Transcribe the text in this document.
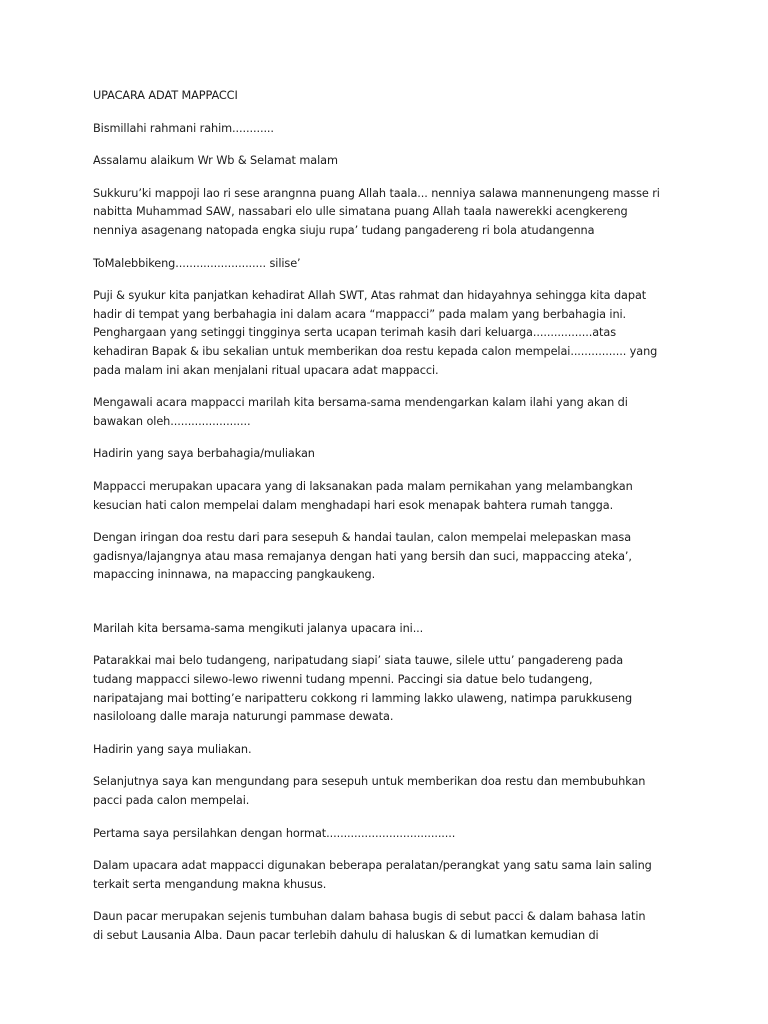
UPACARA ADAT MAPPACCI

Bismillahi rahmani rahim............

Assalamu alaikum Wr Wb & Selamat malam

Sukkuru’ki mappoji lao ri sese arangnna puang Allah taala... nenniya salawa mannenungeng masse ri
nabitta Muhammad SAW, nassabari elo ulle simatana puang Allah taala nawerekki acengkereng
nenniya asagenang natopada engka siuju rupa’ tudang pangadereng ri bola atudangenna

ToMalebbikeng.......................... silise’

Puji & syukur kita panjatkan kehadirat Allah SWT, Atas rahmat dan hidayahnya sehingga kita dapat
hadir di tempat yang berbahagia ini dalam acara “mappacci” pada malam yang berbahagia ini.
Penghargaan yang setinggi tingginya serta ucapan terimah kasih dari keluarga.................atas
kehadiran Bapak & ibu sekalian untuk memberikan doa restu kepada calon mempelai................ yang
pada malam ini akan menjalani ritual upacara adat mappacci.

Mengawali acara mappacci marilah kita bersama-sama mendengarkan kalam ilahi yang akan di
bawakan oleh.......................

Hadirin yang saya berbahagia/muliakan

Mappacci merupakan upacara yang di laksanakan pada malam pernikahan yang melambangkan
kesucian hati calon mempelai dalam menghadapi hari esok menapak bahtera rumah tangga.

Dengan iringan doa restu dari para sesepuh & handai taulan, calon mempelai melepaskan masa
gadisnya/lajangnya atau masa remajanya dengan hati yang bersih dan suci, mappaccing ateka’,
mapaccing ininnawa, na mapaccing pangkaukeng.

Marilah kita bersama-sama mengikuti jalanya upacara ini...

Patarakkai mai belo tudangeng, naripatudang siapi’ siata tauwe, silele uttu’ pangadereng pada
tudang mappacci silewo-lewo riwenni tudang mpenni. Paccingi sia datue belo tudangeng,
naripatajang mai botting’e naripatteru cokkong ri lamming lakko ulaweng, natimpa parukkuseng
nasiloloang dalle maraja naturungi pammase dewata.

Hadirin yang saya muliakan.

Selanjutnya saya kan mengundang para sesepuh untuk memberikan doa restu dan membubuhkan
pacci pada calon mempelai.

Pertama saya persilahkan dengan hormat.....................................

Dalam upacara adat mappacci digunakan beberapa peralatan/perangkat yang satu sama lain saling
terkait serta mengandung makna khusus.

Daun pacar merupakan sejenis tumbuhan dalam bahasa bugis di sebut pacci & dalam bahasa latin
di sebut Lausania Alba. Daun pacar terlebih dahulu di haluskan & di lumatkan kemudian di
